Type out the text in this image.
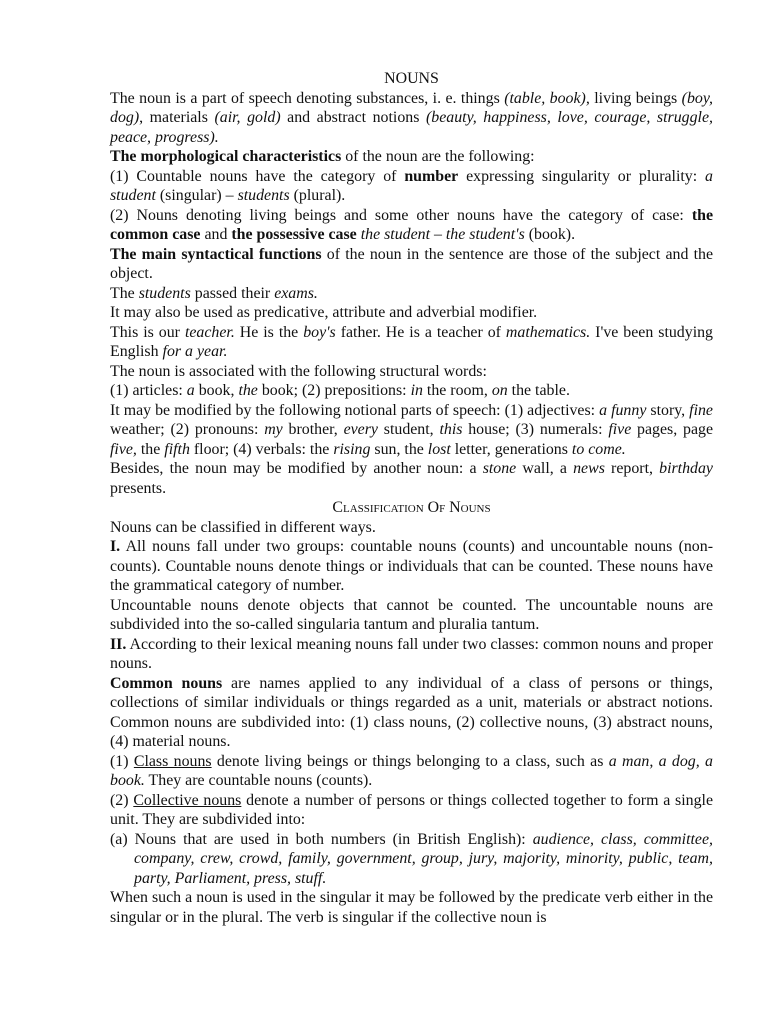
NOUNS

The noun is a part of speech denoting substances, i. e. things (table, book), living beings (boy, dog), materials (air, gold) and abstract notions (beauty, happiness, love, courage, struggle, peace, progress).

The morphological characteristics of the noun are the following:

(1) Countable nouns have the category of number expressing singularity or plurality: a student (singular) – students (plural).

(2) Nouns denoting living beings and some other nouns have the category of case: the common case and the possessive case the student – the student's (book).

The main syntactical functions of the noun in the sentence are those of the subject and the object.

The students passed their exams.

It may also be used as predicative, attribute and adverbial modifier.

This is our teacher. He is the boy's father. He is a teacher of mathematics. I've been studying English for a year.

The noun is associated with the following structural words:

(1) articles: a book, the book; (2) prepositions: in the room, on the table.

It may be modified by the following notional parts of speech: (1) adjectives: a funny story, fine weather; (2) pronouns: my brother, every student, this house; (3) numerals: five pages, page five, the fifth floor; (4) verbals: the rising sun, the lost letter, generations to come.

Besides, the noun may be modified by another noun: a stone wall, a news report, birthday presents.

Classification Of Nouns

Nouns can be classified in different ways.

I. All nouns fall under two groups: countable nouns (counts) and uncountable nouns (non-counts). Countable nouns denote things or individuals that can be counted. These nouns have the grammatical category of number.

Uncountable nouns denote objects that cannot be counted. The uncountable nouns are subdivided into the so-called singularia tantum and pluralia tantum.

II. According to their lexical meaning nouns fall under two classes: common nouns and proper nouns.

Common nouns are names applied to any individual of a class of persons or things, collections of similar individuals or things regarded as a unit, materials or abstract notions. Common nouns are subdivided into: (1) class nouns, (2) collective nouns, (3) abstract nouns, (4) material nouns.

(1) Class nouns denote living beings or things belonging to a class, such as a man, a dog, a book. They are countable nouns (counts).

(2) Collective nouns denote a number of persons or things collected together to form a single unit. They are subdivided into:

(a) Nouns that are used in both numbers (in British English): audience, class, committee, company, crew, crowd, family, government, group, jury, majority, minority, public, team, party, Parliament, press, stuff.

When such a noun is used in the singular it may be followed by the predicate verb either in the singular or in the plural. The verb is singular if the collective noun is
